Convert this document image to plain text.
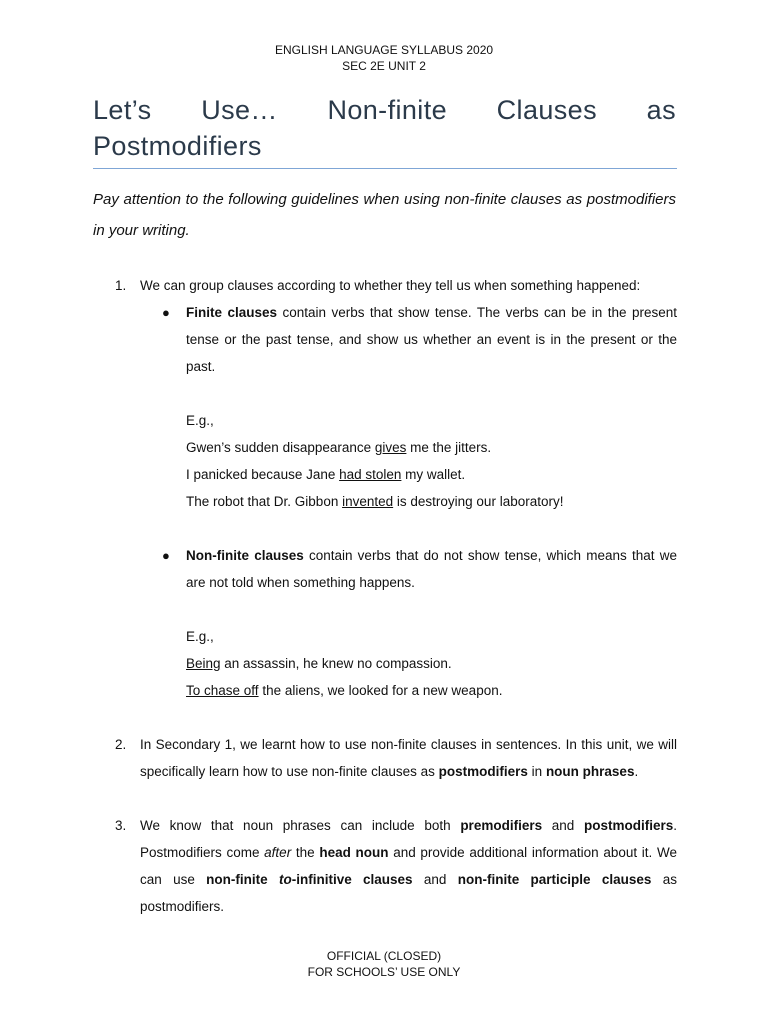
ENGLISH LANGUAGE SYLLABUS 2020
SEC 2E UNIT 2
Let’s Use… Non-finite Clauses as
Postmodifiers
Pay attention to the following guidelines when using non-finite clauses as postmodifiers in your writing.
1. We can group clauses according to whether they tell us when something happened:
● Finite clauses contain verbs that show tense. The verbs can be in the present tense or the past tense, and show us whether an event is in the present or the past.
E.g.,
Gwen’s sudden disappearance gives me the jitters.
I panicked because Jane had stolen my wallet.
The robot that Dr. Gibbon invented is destroying our laboratory!
● Non-finite clauses contain verbs that do not show tense, which means that we are not told when something happens.
E.g.,
Being an assassin, he knew no compassion.
To chase off the aliens, we looked for a new weapon.
2. In Secondary 1, we learnt how to use non-finite clauses in sentences. In this unit, we will specifically learn how to use non-finite clauses as postmodifiers in noun phrases.
3. We know that noun phrases can include both premodifiers and postmodifiers. Postmodifiers come after the head noun and provide additional information about it. We can use non-finite to-infinitive clauses and non-finite participle clauses as postmodifiers.
OFFICIAL (CLOSED)
FOR SCHOOLS’ USE ONLY
